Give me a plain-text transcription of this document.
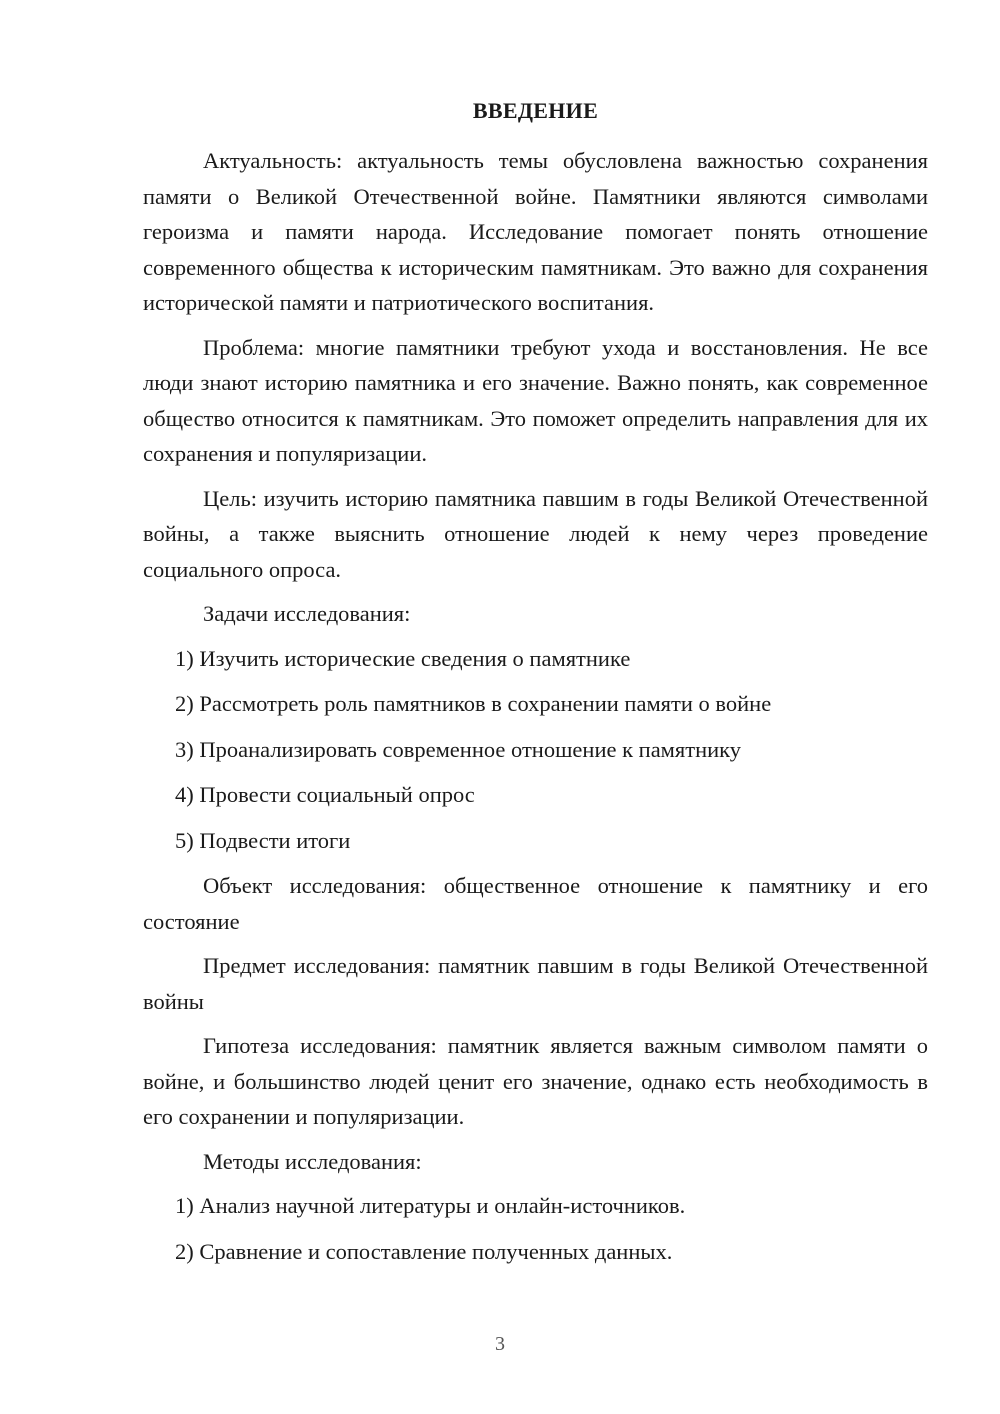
ВВЕДЕНИЕ

Актуальность: актуальность темы обусловлена важностью сохранения памяти о Великой Отечественной войне. Памятники являются символами героизма и памяти народа. Исследование помогает понять отношение современного общества к историческим памятникам. Это важно для сохранения исторической памяти и патриотического воспитания.

Проблема: многие памятники требуют ухода и восстановления. Не все люди знают историю памятника и его значение. Важно понять, как современное общество относится к памятникам. Это поможет определить направления для их сохранения и популяризации.

Цель: изучить историю памятника павшим в годы Великой Отечественной войны, а также выяснить отношение людей к нему через проведение социального опроса.

Задачи исследования:

1) Изучить исторические сведения о памятнике

2) Рассмотреть роль памятников в сохранении памяти о войне

3) Проанализировать современное отношение к памятнику

4) Провести социальный опрос

5) Подвести итоги

Объект исследования: общественное отношение к памятнику и его состояние

Предмет исследования: памятник павшим в годы Великой Отечественной войны

Гипотеза исследования: памятник является важным символом памяти о войне, и большинство людей ценит его значение, однако есть необходимость в его сохранении и популяризации.

Методы исследования:

1) Анализ научной литературы и онлайн-источников.

2) Сравнение и сопоставление полученных данных.

3
